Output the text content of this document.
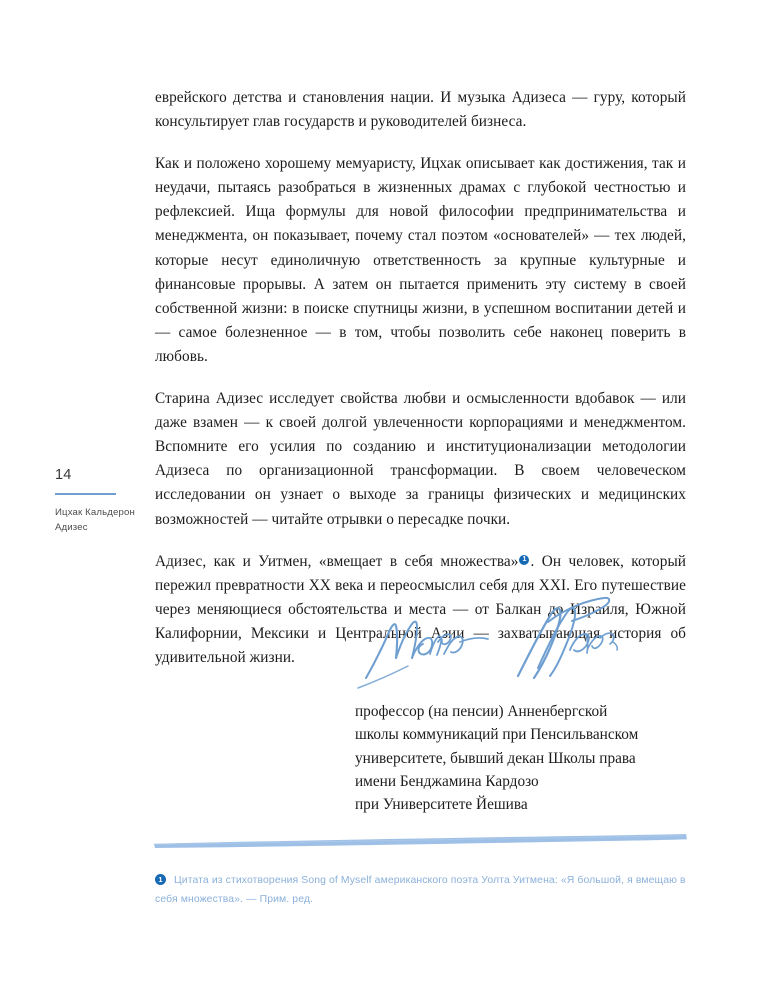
еврейского детства и становления нации. И музыка Адизеса — гуру, который консультирует глав государств и руководителей бизнеса.

Как и положено хорошему мемуаристу, Ицхак описывает как достижения, так и неудачи, пытаясь разобраться в жизненных драмах с глубокой честностью и рефлексией. Ища формулы для новой философии предпринимательства и менеджмента, он показывает, почему стал поэтом «основателей» — тех людей, которые несут единоличную ответственность за крупные культурные и финансовые прорывы. А затем он пытается применить эту систему в своей собственной жизни: в поиске спутницы жизни, в успешном воспитании детей и — самое болезненное — в том, чтобы позволить себе наконец поверить в любовь.

Старина Адизес исследует свойства любви и осмысленности вдобавок — или даже взамен — к своей долгой увлеченности корпорациями и менеджментом. Вспомните его усилия по созданию и институционализации методологии Адизеса по организационной трансформации. В своем человеческом исследовании он узнает о выходе за границы физических и медицинских возможностей — читайте отрывки о пересадке почки.

Адизес, как и Уитмен, «вмещает в себя множества» 1 . Он человек, который пережил превратности XX века и переосмыслил себя для XXI. Его путешествие через меняющиеся обстоятельства и места — от Балкан до Израиля, Южной Калифорнии, Мексики и Центральной Азии — захватывающая история об удивительной жизни.

14
Ицхак Кальдерон
Адизес
профессор (на пенсии) Анненбергской
школы коммуникаций при Пенсильванском
университете, бывший декан Школы права
имени Бенджамина Кардозо
при Университете Йешива
1 Цитата из стихотворения Song of Myself американского поэта Уолта Уитмена: «Я большой, я вмещаю в себя множества». — Прим. ред.
